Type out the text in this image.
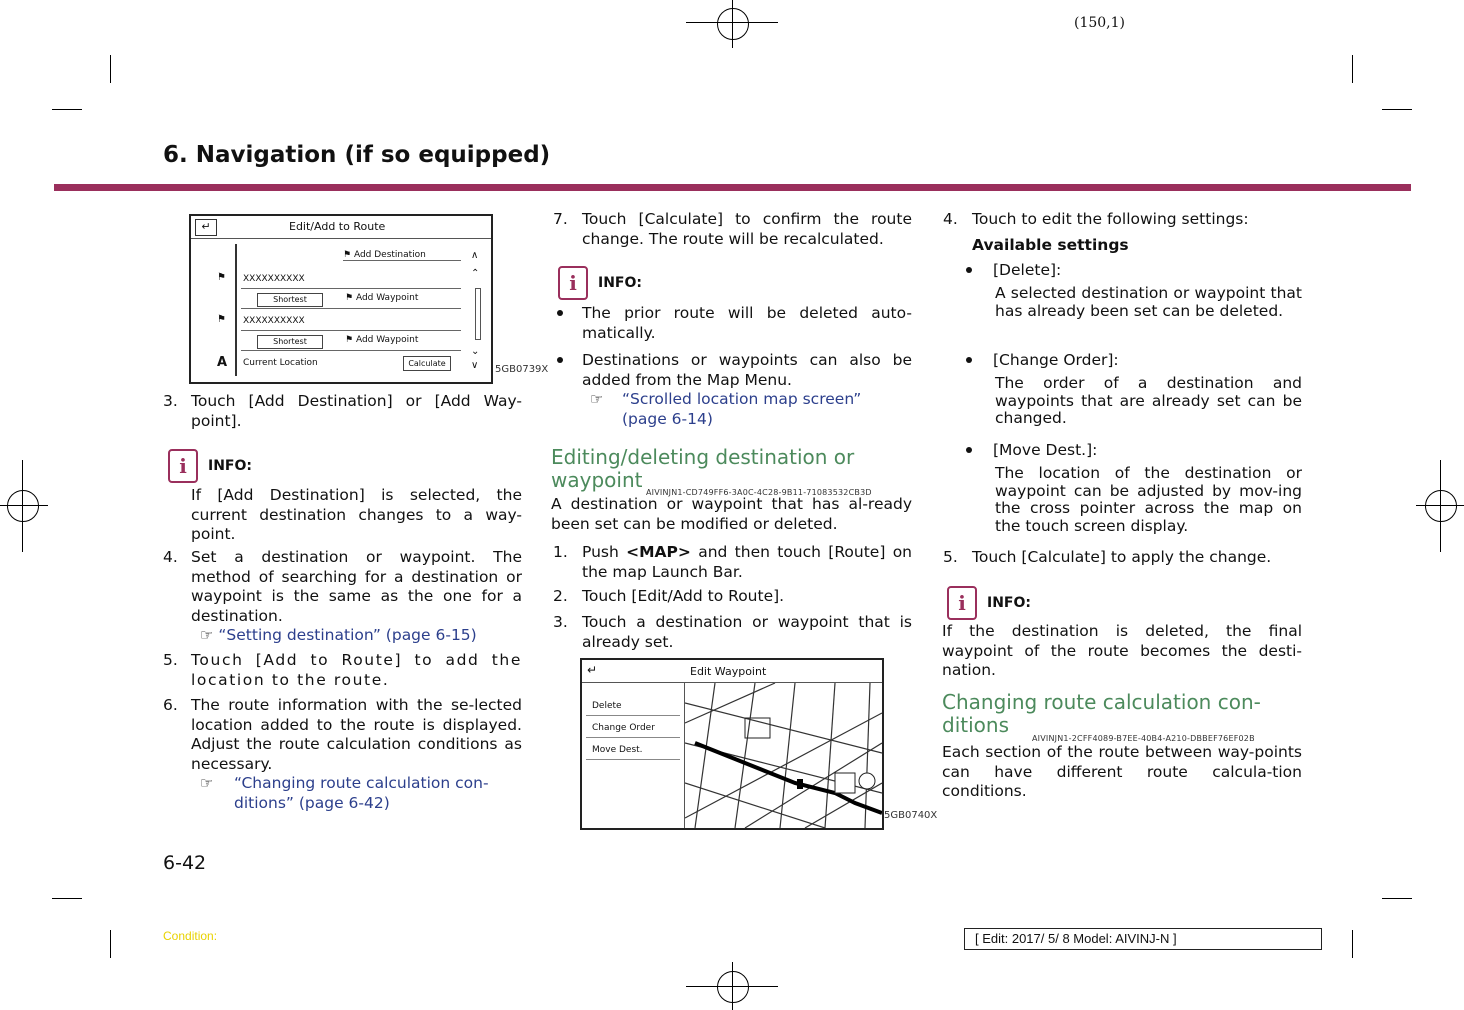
(150,1)
6. Navigation (if so equipped)
↵	Edit/Add to Route
⚑ Add Destination
⚑ XXXXXXXXXX
Shortest	⚑ Add Waypoint
⚑ XXXXXXXXXX
Shortest	⚑ Add Waypoint
A Current Location	Calculate
∧
⌃
⌄
∨ 5GB0739X
3. Touch [Add Destination] or [Add Way-point].

i	INFO:

If [Add Destination] is selected, the current destination changes to a way-point.

4. Set a destination or waypoint. The method of searching for a destination or waypoint is the same as the one for a destination.

☞ “Setting destination” (page 6-15)
5. Touch [Add to Route] to add the location to the route.

6. The route information with the se-lected location added to the route is displayed. Adjust the route calculation conditions as necessary.

☞ “Changing route calculation con-ditions” (page 6-42)
7. Touch [Calculate] to confirm the route change. The route will be recalculated.

i	INFO:

The prior route will be deleted auto-matically.

Destinations or waypoints can also be added from the Map Menu.

☞ “Scrolled location map screen” (page 6-14)
Editing/deleting destination or waypoint
AIVINJN1-CD749FF6-3A0C-4C28-9B11-71083532CB3D

A destination or waypoint that has al-ready been set can be modified or deleted.

1. Push <MAP> and then touch [Route] on the map Launch Bar.

2. Touch [Edit/Add to Route].

3. Touch a destination or waypoint that is already set.

↵	Edit Waypoint
Delete
Change Order
Move Dest.
5GB0740X
4. Touch to edit the following settings:

Available settings
[Delete]:

A selected destination or waypoint that has already been set can be deleted.

[Change Order]:

The order of a destination and waypoints that are already set can be changed.

[Move Dest.]:

The location of the destination or waypoint can be adjusted by mov-ing the cross pointer across the map on the touch screen display.

5. Touch [Calculate] to apply the change.

i	INFO:

If the destination is deleted, the final waypoint of the route becomes the desti-nation.

Changing route calculation con-ditions
AIVINJN1-2CFF4089-B7EE-40B4-A210-DBBEF76EF02B

Each section of the route between way-points can have different route calcula-tion conditions.

6-42
Condition:	[ Edit: 2017/ 5/ 8 Model: AIVINJ-N ]
